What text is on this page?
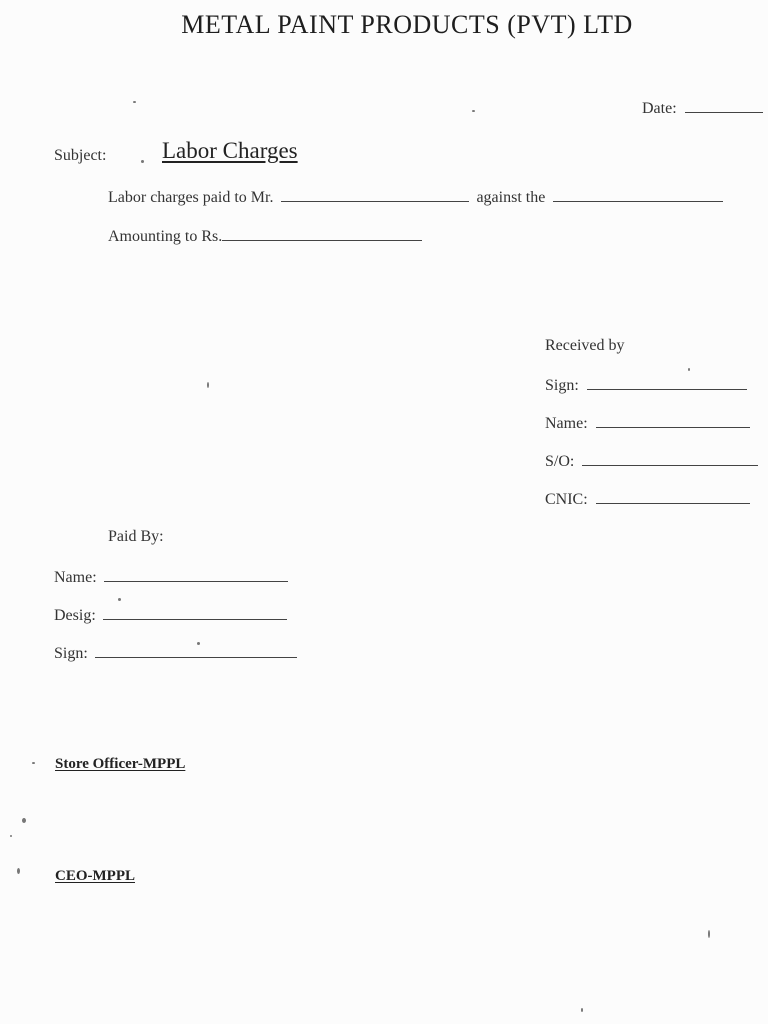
METAL PAINT PRODUCTS (PVT) LTD
Date:
Subject: Labor Charges
Labor charges paid to Mr.	against the
Amounting to Rs.
Received by
Sign:
Name:
S/O:
CNIC:
Paid By:
Name:
Desig:
Sign:
Store Officer-MPPL
CEO-MPPL
